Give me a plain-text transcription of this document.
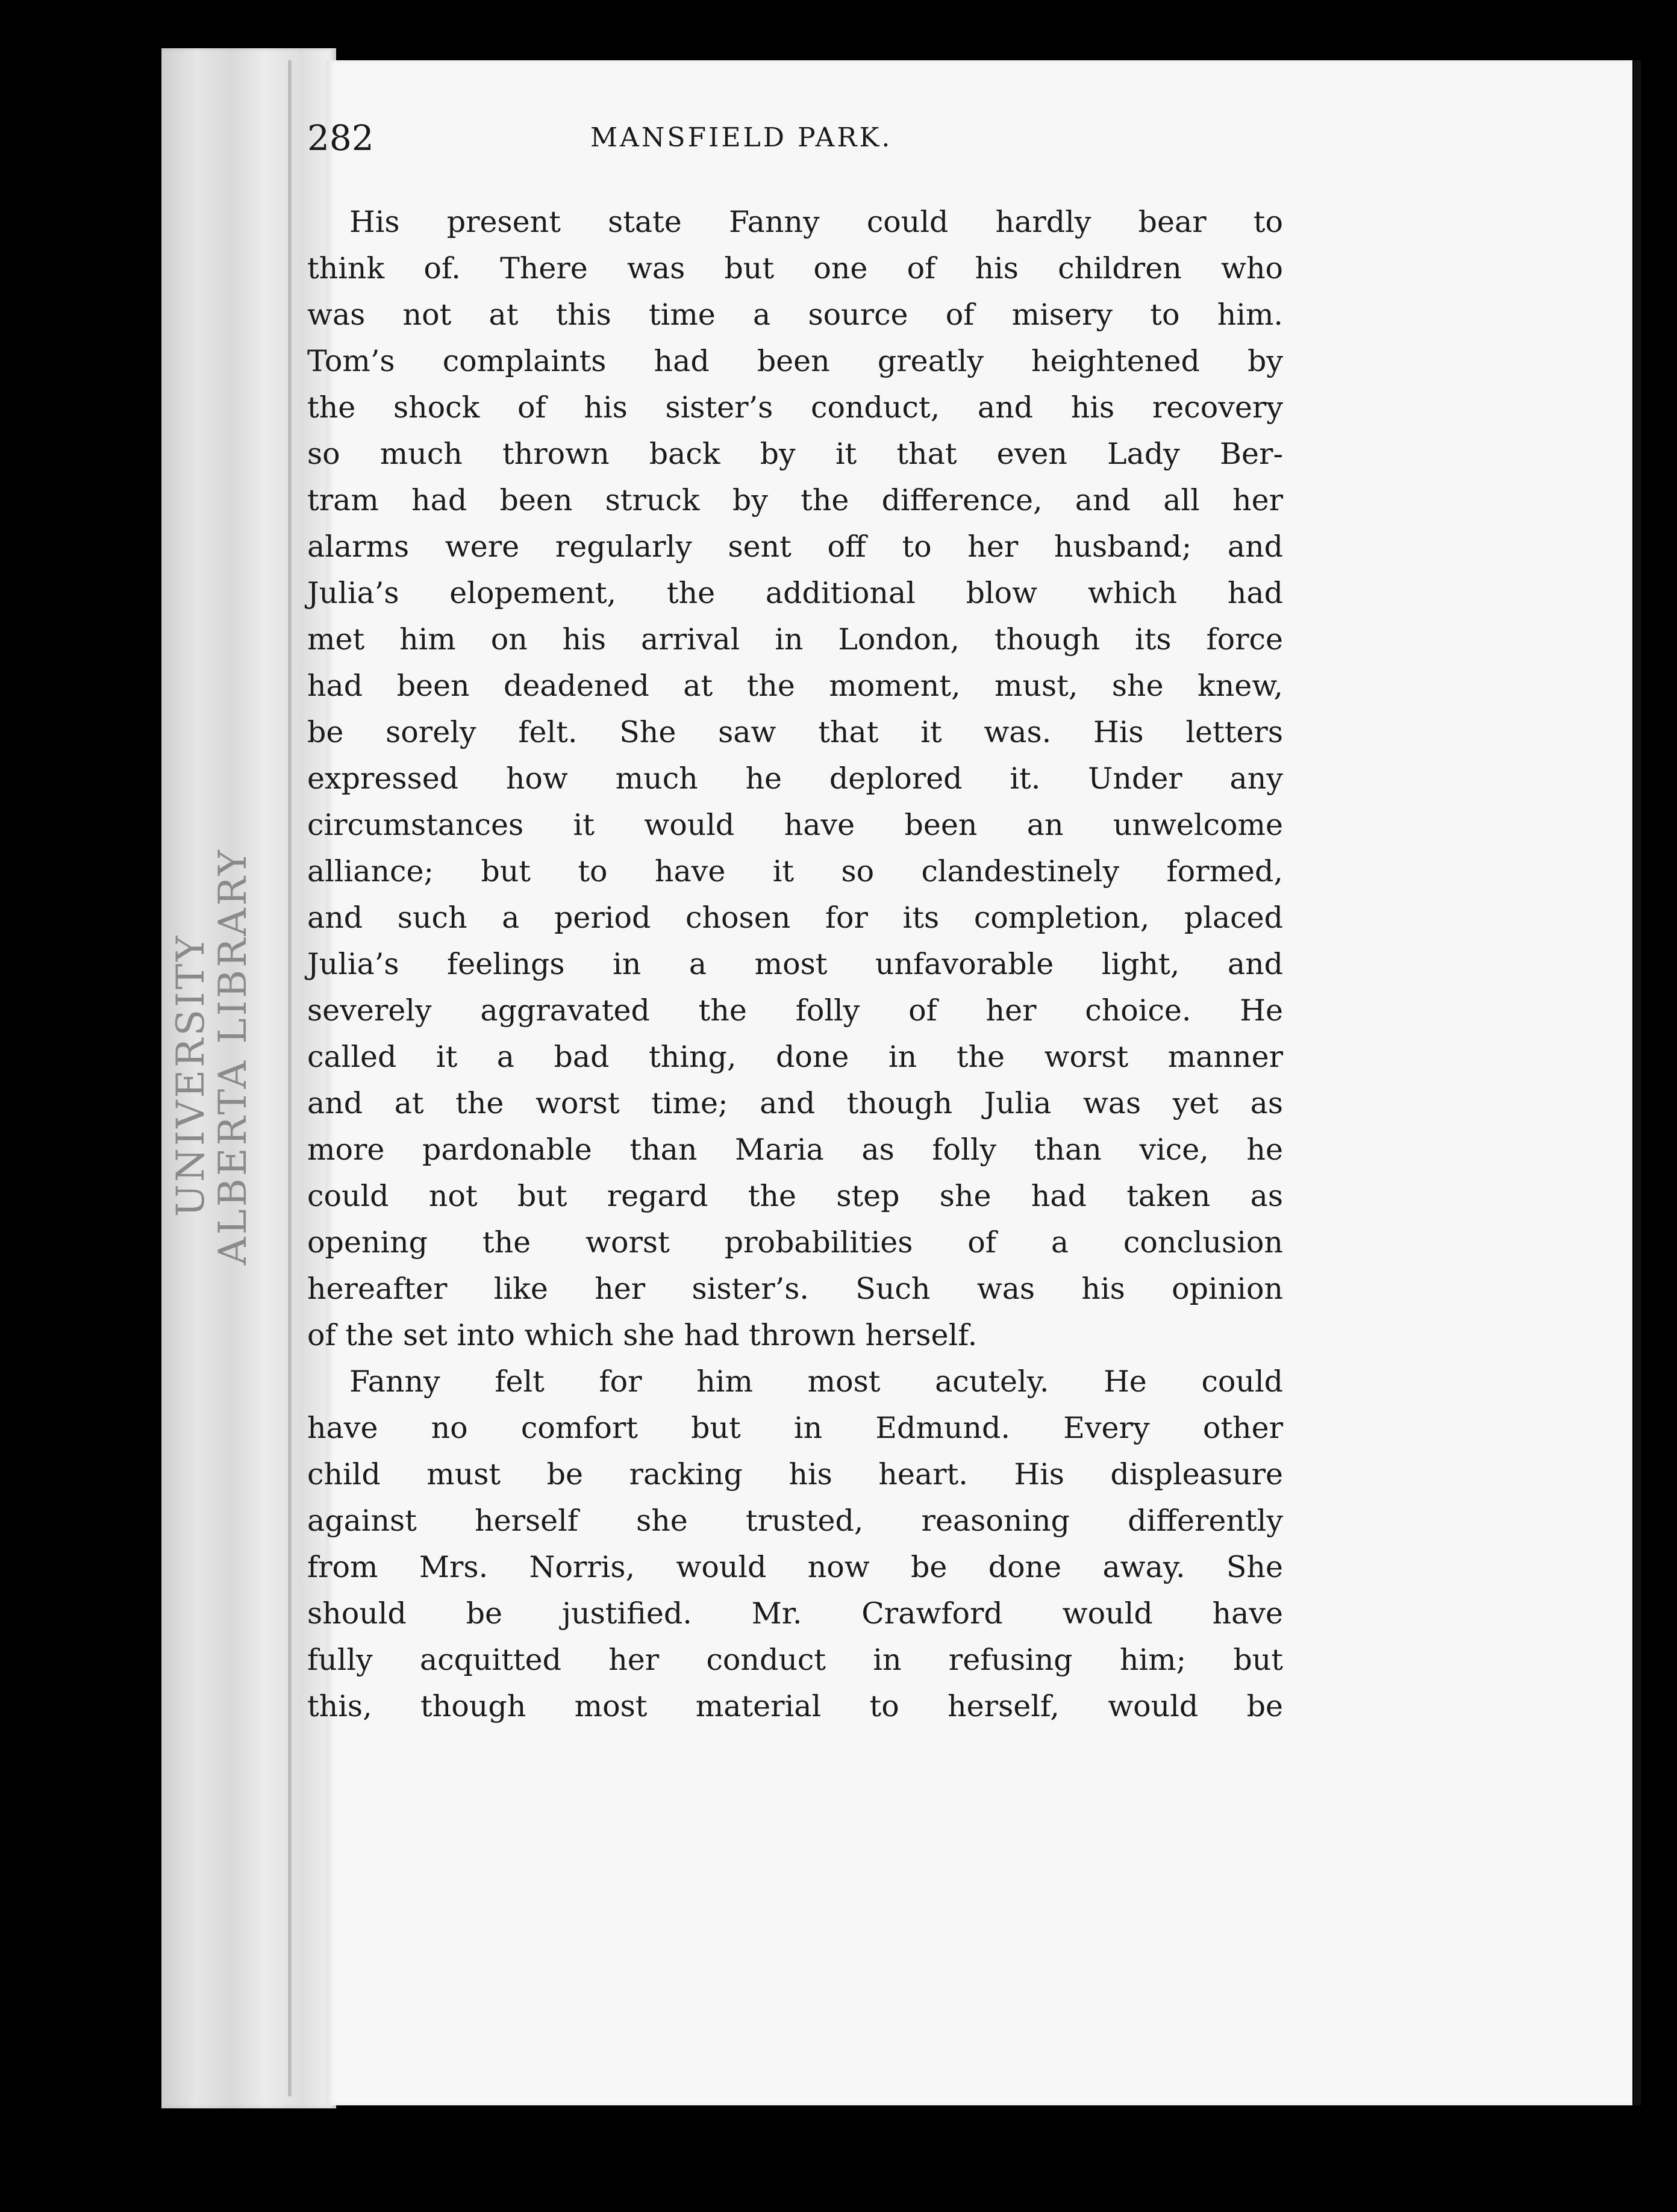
UNIVERSITY
ALBERTA LIBRARY
282	MANSFIELD PARK.
His present state Fanny could hardly bear to
think of. There was but one of his children who
was not at this time a source of misery to him.
Tom’s complaints had been greatly heightened by
the shock of his sister’s conduct, and his recovery
so much thrown back by it that even Lady Ber-
tram had been struck by the difference, and all her
alarms were regularly sent off to her husband; and
Julia’s elopement, the additional blow which had
met him on his arrival in London, though its force
had been deadened at the moment, must, she knew,
be sorely felt. She saw that it was. His letters
expressed how much he deplored it. Under any
circumstances it would have been an unwelcome
alliance; but to have it so clandestinely formed,
and such a period chosen for its completion, placed
Julia’s feelings in a most unfavorable light, and
severely aggravated the folly of her choice. He
called it a bad thing, done in the worst manner
and at the worst time; and though Julia was yet as
more pardonable than Maria as folly than vice, he
could not but regard the step she had taken as
opening the worst probabilities of a conclusion
hereafter like her sister’s. Such was his opinion
of the set into which she had thrown herself.
Fanny felt for him most acutely. He could
have no comfort but in Edmund. Every other
child must be racking his heart. His displeasure
against herself she trusted, reasoning differently
from Mrs. Norris, would now be done away. She
should be justified. Mr. Crawford would have
fully acquitted her conduct in refusing him; but
this, though most material to herself, would be
